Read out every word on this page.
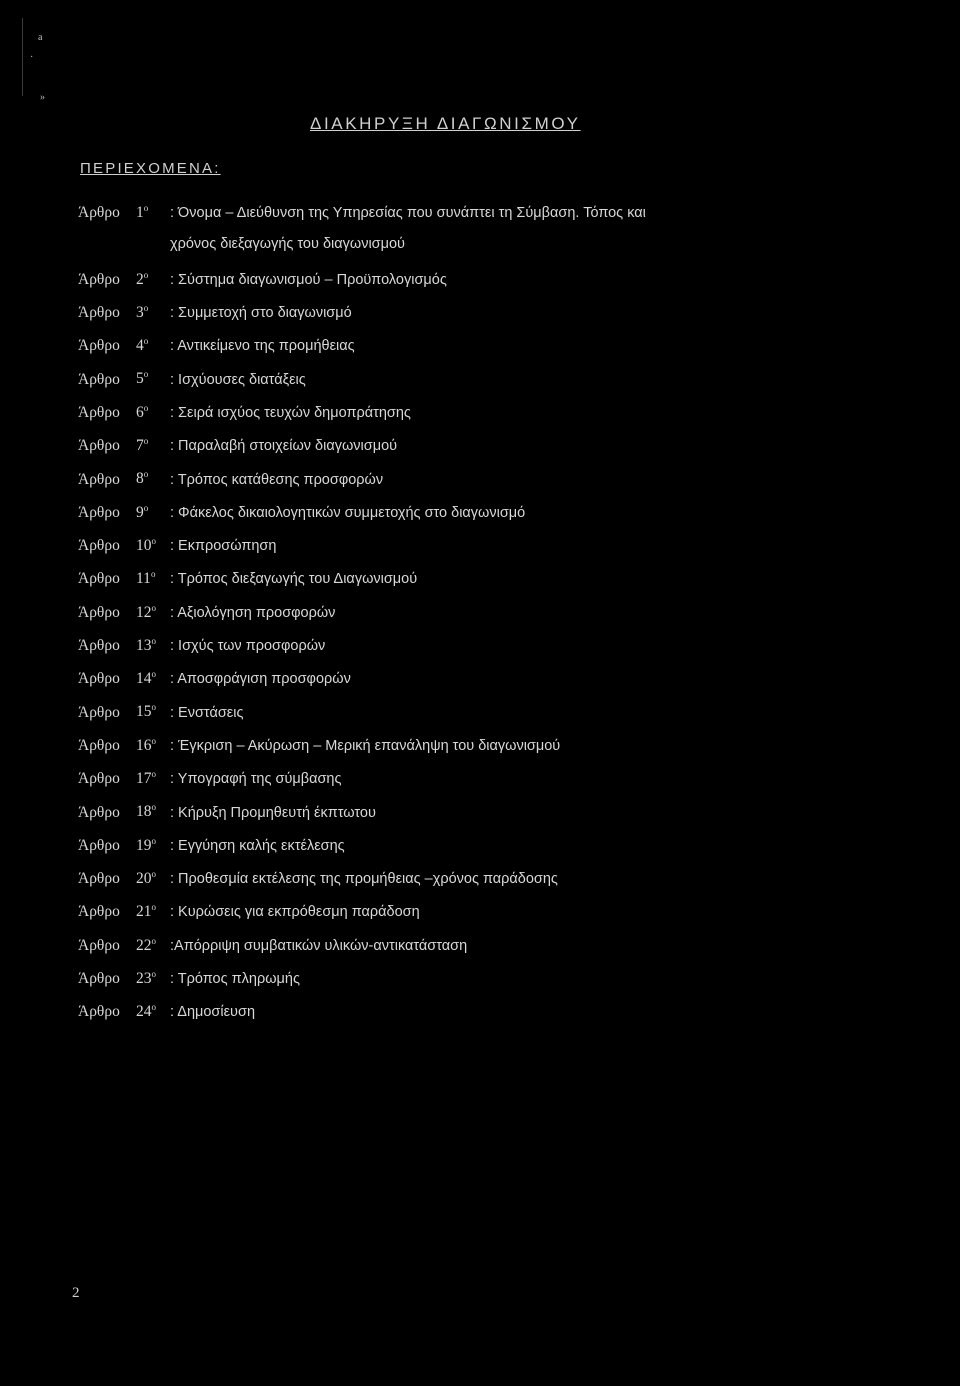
a
·
»
ΔΙΑΚΗΡΥΞΗ ΔΙΑΓΩΝΙΣΜΟΥ
ΠΕΡΙΕΧΟΜΕΝΑ:
Άρθρο	$1^o$	: Όνομα – Διεύθυνση της Υπηρεσίας που συνάπτει τη Σύμβαση. Τόπος και
χρόνος διεξαγωγής του διαγωνισμού
Άρθρο	$2^o$	: Σύστημα διαγωνισμού – Προϋπολογισμός
Άρθρο	$3^o$	: Συμμετοχή στο διαγωνισμό
Άρθρο	$4^o$	: Αντικείμενο της προμήθειας
Άρθρο	$5^o$	: Ισχύουσες διατάξεις
Άρθρο	$6^o$	: Σειρά ισχύος τευχών δημοπράτησης
Άρθρο	$7^o$	: Παραλαβή στοιχείων διαγωνισμού
Άρθρο	$8^o$	: Τρόπος κατάθεσης προσφορών
Άρθρο	$9^o$	: Φάκελος δικαιολογητικών συμμετοχής στο διαγωνισμό
Άρθρο	$10^o$ : Εκπροσώπηση
Άρθρο	$11^o$	: Τρόπος διεξαγωγής του Διαγωνισμού
Άρθρο	$12^o$ : Αξιολόγηση προσφορών
Άρθρο	$13^o$ : Ισχύς των προσφορών
Άρθρο	$14^o$ : Αποσφράγιση προσφορών
Άρθρο	$15^o$ : Ενστάσεις
Άρθρο	$16^o$ : Έγκριση – Ακύρωση – Μερική επανάληψη του διαγωνισμού
Άρθρο	$17^o$ : Υπογραφή της σύμβασης
Άρθρο	$18^o$ : Κήρυξη Προμηθευτή έκπτωτου
Άρθρο	$19^o$ : Εγγύηση καλής εκτέλεσης
Άρθρο	$20^o$ : Προθεσμία εκτέλεσης της προμήθειας –χρόνος παράδοσης
Άρθρο	$21^o$ : Κυρώσεις για εκπρόθεσμη παράδοση
Άρθρο	$22^o$ :Απόρριψη συμβατικών υλικών-αντικατάσταση
Άρθρο	$23^o$ : Τρόπος πληρωμής
Άρθρο	$24^o$ : Δημοσίευση
2
